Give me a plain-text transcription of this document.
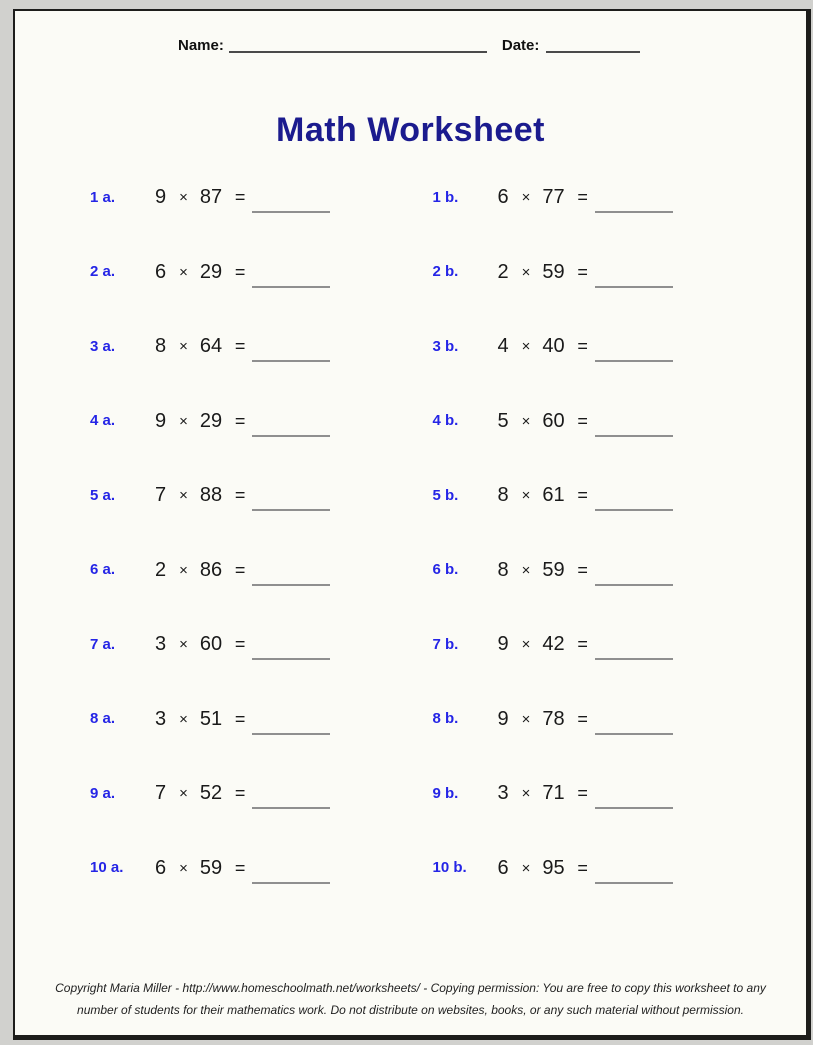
Name:	Date:
Math Worksheet
1 a.	9 × 87 =	1 b.	6 × 77 =
2 a.	6 × 29 =	2 b.	2 × 59 =
3 a.	8 × 64 =	3 b.	4 × 40 =
4 a.	9 × 29 =	4 b.	5 × 60 =
5 a.	7 × 88 =	5 b.	8 × 61 =
6 a.	2 × 86 =	6 b.	8 × 59 =
7 a.	3 × 60 =	7 b.	9 × 42 =
8 a.	3 × 51 =	8 b.	9 × 78 =
9 a.	7 × 52 =	9 b.	3 × 71 =
10 a.	6 × 59 =	10 b.	6 × 95 =
Copyright Maria Miller - http://www.homeschoolmath.net/worksheets/ - Copying permission: You are free to copy this worksheet to any
number of students for their mathematics work. Do not distribute on websites, books, or any such material without permission.
